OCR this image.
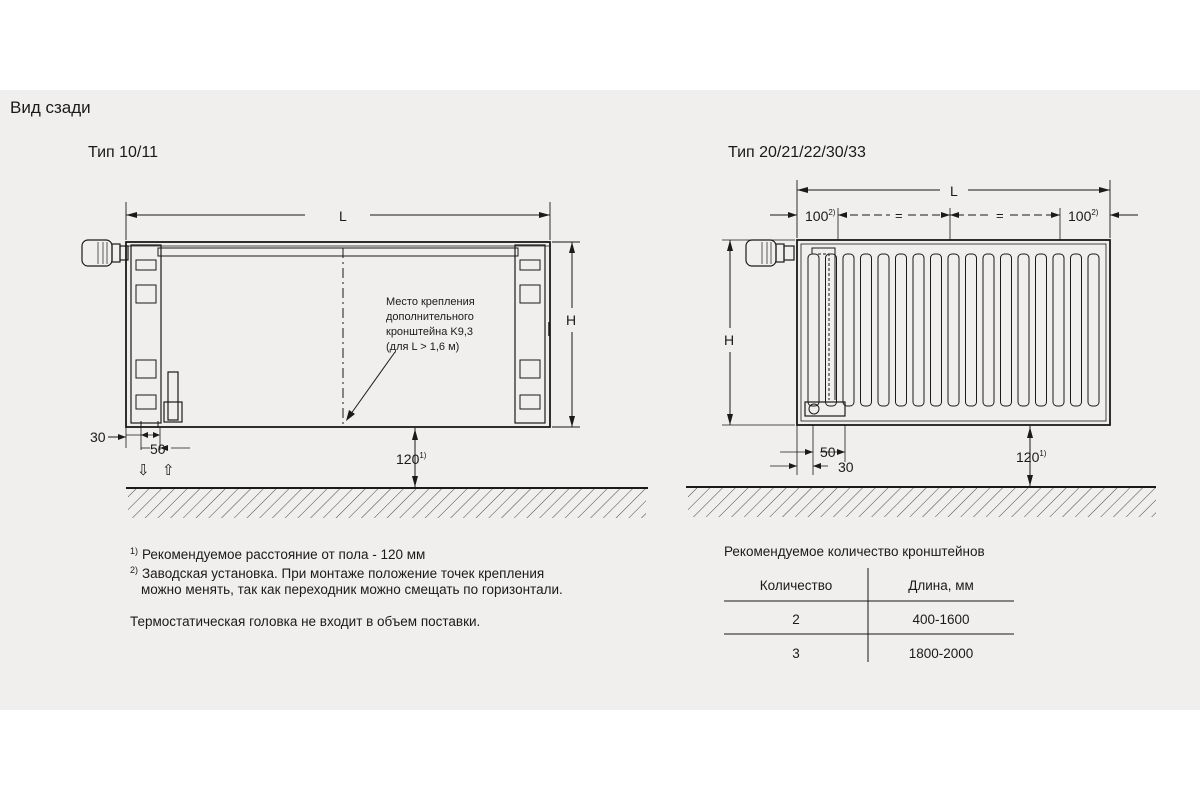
Вид сзади
Тип 10/11
L
H
Место крепления
дополнительного
кронштейна K9,3
(для L > 1,6 м)
120$^{1)}$
30
50
⇩ ⇧
Тип 20/21/22/30/33
L
$100^{2)}$	=	=	$100^{2)}$
H
120$^{1)}$
50
30
$^{1)}$ Рекомендуемое расстояние от пола - 120 мм
$^{2)}$ Заводская установка. При монтаже положение точек крепления
можно менять, так как переходник можно смещать по горизонтали.
Термостатическая головка не входит в объем поставки.
Рекомендуемое количество кронштейнов
Количество	Длина, мм
2	400-1600
3	1800-2000
